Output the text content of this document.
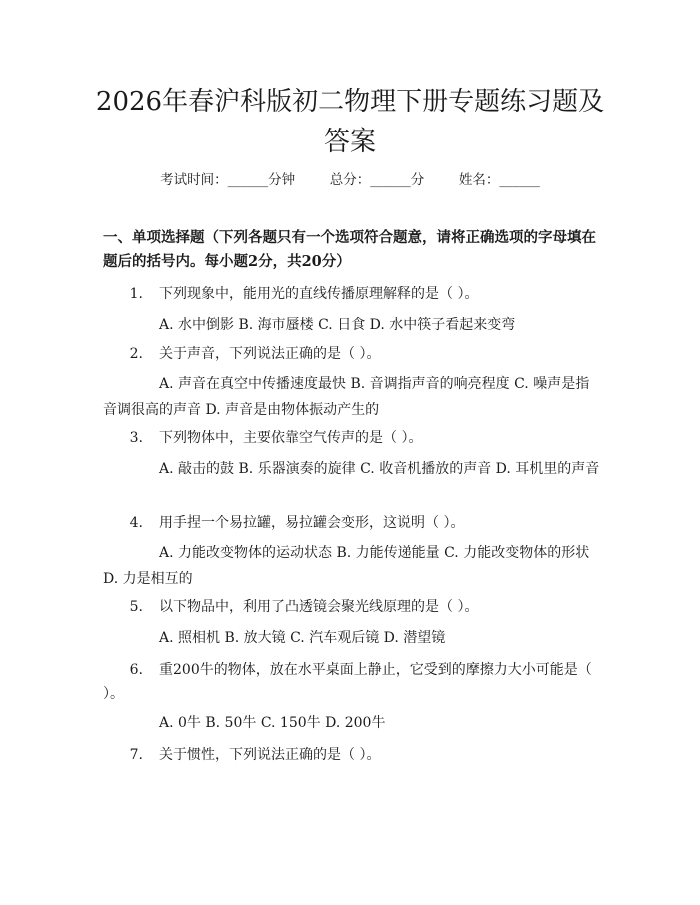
2026年春沪科版初二物理下册专题练习题及答案
考试时间：______分钟	总分：______分	姓名：______

一、单项选择题（下列各题只有一个选项符合题意，请将正确选项的字母填在题后的括号内。每小题2分，共20分）

1. 下列现象中，能用光的直线传播原理解释的是（ ）。
A. 水中倒影 B. 海市蜃楼 C. 日食 D. 水中筷子看起来变弯
2. 关于声音，下列说法正确的是（ ）。
A. 声音在真空中传播速度最快 B. 音调指声音的响亮程度 C. 噪声是指音调很高的声音 D. 声音是由物体振动产生的
3. 下列物体中，主要依靠空气传声的是（ ）。
A. 敲击的鼓 B. 乐器演奏的旋律 C. 收音机播放的声音 D. 耳机里的声音
4. 用手捏一个易拉罐，易拉罐会变形，这说明（ ）。
A. 力能改变物体的运动状态 B. 力能传递能量 C. 力能改变物体的形状 D. 力是相互的
5. 以下物品中，利用了凸透镜会聚光线原理的是（ ）。
A. 照相机 B. 放大镜 C. 汽车观后镜 D. 潜望镜
6. 重200牛的物体，放在水平桌面上静止，它受到的摩擦力大小可能是（ ）。
A. 0牛 B. 50牛 C. 150牛 D. 200牛
7. 关于惯性，下列说法正确的是（ ）。
